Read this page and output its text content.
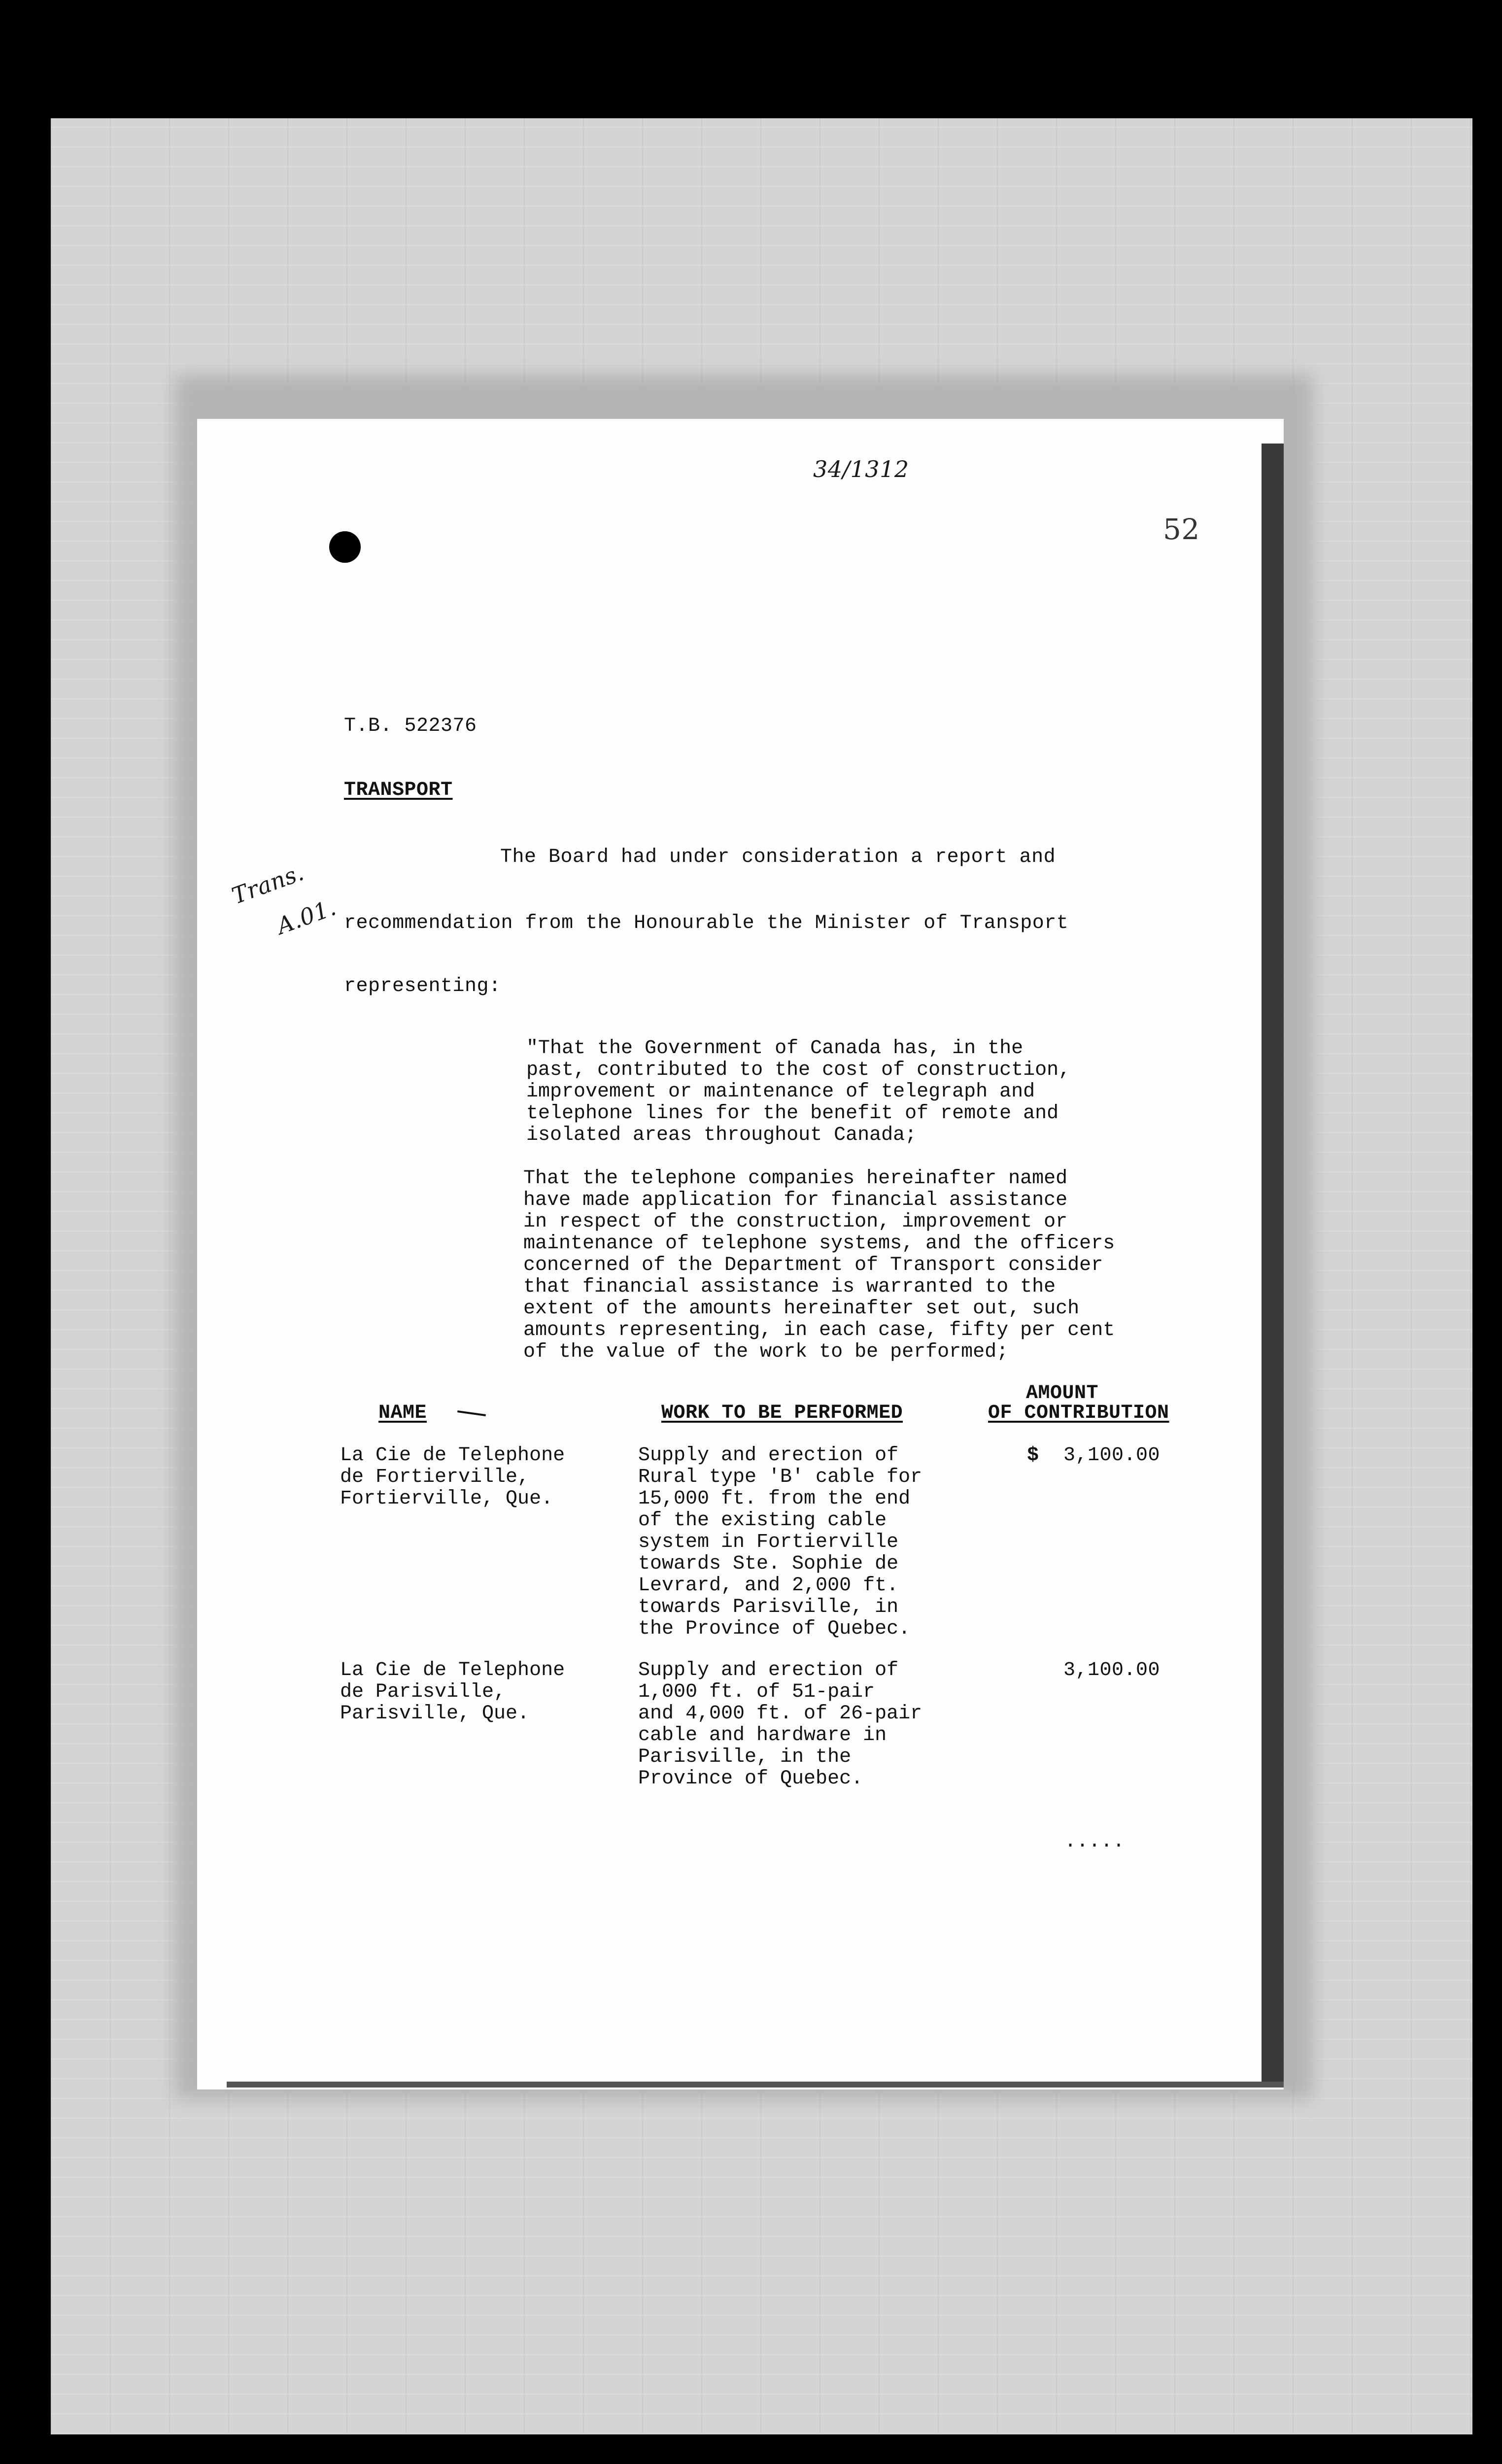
34/1312
52
T.B. 522376
TRANSPORT
Trans.
A.01.
The Board had under consideration a report and
recommendation from the Honourable the Minister of Transport
representing:
"That the Government of Canada has, in the
past, contributed to the cost of construction,
improvement or maintenance of telegraph and
telephone lines for the benefit of remote and
isolated areas throughout Canada;
That the telephone companies hereinafter named
have made application for financial assistance
in respect of the construction, improvement or
maintenance of telephone systems, and the officers
concerned of the Department of Transport consider
that financial assistance is warranted to the
extent of the amounts hereinafter set out, such
amounts representing, in each case, fifty per cent
of the value of the work to be performed;
NAME	WORK TO BE PERFORMED
AMOUNT
OF CONTRIBUTION
La Cie de Telephone
de Fortierville,
Fortierville, Que.
Supply and erection of
Rural type 'B' cable for
15,000 ft. from the end
of the existing cable
system in Fortierville
towards Ste. Sophie de
Levrard, and 2,000 ft.
towards Parisville, in
the Province of Quebec.
$ 3,100.00
La Cie de Telephone
de Parisville,
Parisville, Que.
Supply and erection of
1,000 ft. of 51-pair
and 4,000 ft. of 26-pair
cable and hardware in
Parisville, in the
Province of Quebec.
3,100.00
.....
